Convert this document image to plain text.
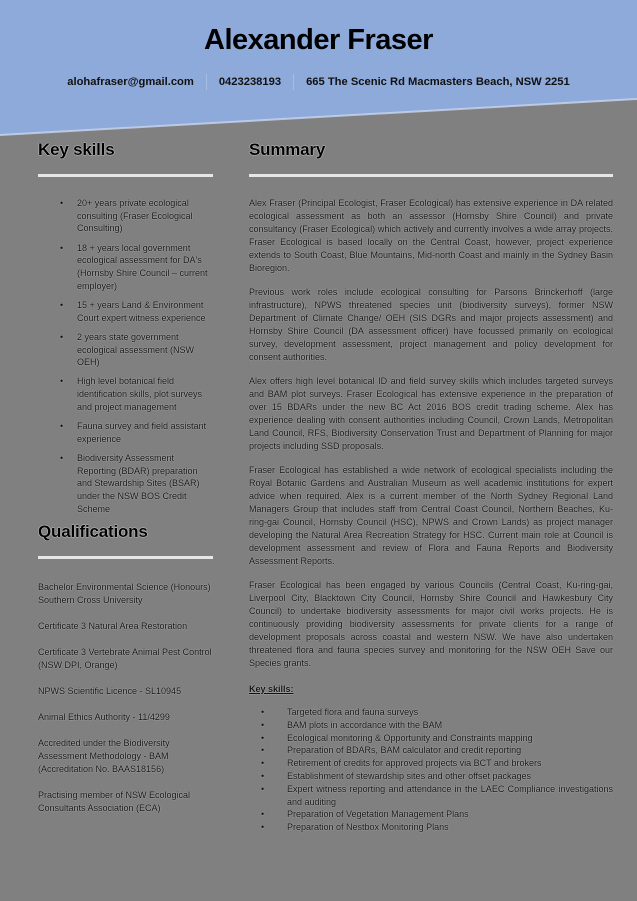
Alexander Fraser
alohafraser@gmail.com 0423238193 665 The Scenic Rd Macmasters Beach, NSW 2251
Key skills
• 20+ years private ecological consulting (Fraser Ecological Consulting)
• 18 + years local government ecological assessment for DA's (Hornsby Shire Council – current employer)
• 15 + years Land & Environment Court expert witness experience
• 2 years state government ecological assessment (NSW OEH)
• High level botanical field identification skills, plot surveys and project management
• Fauna survey and field assistant experience
• Biodiversity Assessment Reporting (BDAR) preparation and Stewardship Sites (BSAR) under the NSW BOS Credit Scheme
Qualifications

Bachelor Environmental Science (Honours) Southern Cross University

Certificate 3 Natural Area Restoration

Certificate 3 Vertebrate Animal Pest Control (NSW DPI, Orange)

NPWS Scientific Licence - SL10945

Animal Ethics Authority - 11/4299

Accredited under the Biodiversity Assessment Methodology - BAM (Accreditation No. BAAS18156)

Practising member of NSW Ecological Consultants Association (ECA)

Summary

Alex Fraser (Principal Ecologist, Fraser Ecological) has extensive experience in DA related ecological assessment as both an assessor (Hornsby Shire Council) and private consultancy (Fraser Ecological) which actively and currently involves a wide array projects. Fraser Ecological is based locally on the Central Coast, however, project experience extends to South Coast, Blue Mountains, Mid-north Coast and mainly in the Sydney Basin Bioregion.

Previous work roles include ecological consulting for Parsons Brinckerhoff (large infrastructure), NPWS threatened species unit (biodiversity surveys), former NSW Department of Climate Change/ OEH (SIS DGRs and major projects assessment) and Hornsby Shire Council (DA assessment officer) have focussed primarily on ecological survey, development assessment, project management and policy development for consent authorities.

Alex offers high level botanical ID and field survey skills which includes targeted surveys and BAM plot surveys. Fraser Ecological has extensive experience in the preparation of over 15 BDARs under the new BC Act 2016 BOS credit trading scheme. Alex has experience dealing with consent authorities including Council, Crown Lands, Metropolitan Land Council, RFS, Biodiversity Conservation Trust and Department of Planning for major projects including SSD proposals.

Fraser Ecological has established a wide network of ecological specialists including the Royal Botanic Gardens and Australian Museum as well academic institutions for expert advice when required. Alex is a current member of the North Sydney Regional Land Managers Group that includes staff from Central Coast Council, Northern Beaches, Ku-ring-gai Council, Hornsby Council (HSC), NPWS and Crown Lands) as project manager developing the Natural Area Recreation Strategy for HSC. Current main role at Council is development assessment and review of Flora and Fauna Reports and Biodiversity Assessment Reports.

Fraser Ecological has been engaged by various Councils (Central Coast, Ku-ring-gai, Liverpool City, Blacktown City Council, Hornsby Shire Council and Hawkesbury City Council) to undertake biodiversity assessments for major civil works projects. He is continuously providing biodiversity assessments for private clients for a range of development proposals across coastal and western NSW. We have also undertaken threatened flora and fauna species survey and monitoring for the NSW OEH Save our Species grants.

Key skills:
• Targeted flora and fauna surveys
• BAM plots in accordance with the BAM
• Ecological monitoring & Opportunity and Constraints mapping
• Preparation of BDARs, BAM calculator and credit reporting
• Retirement of credits for approved projects via BCT and brokers
• Establishment of stewardship sites and other offset packages
• Expert witness reporting and attendance in the LAEC Compliance investigations and auditing
• Preparation of Vegetation Management Plans
• Preparation of Nestbox Monitoring Plans
